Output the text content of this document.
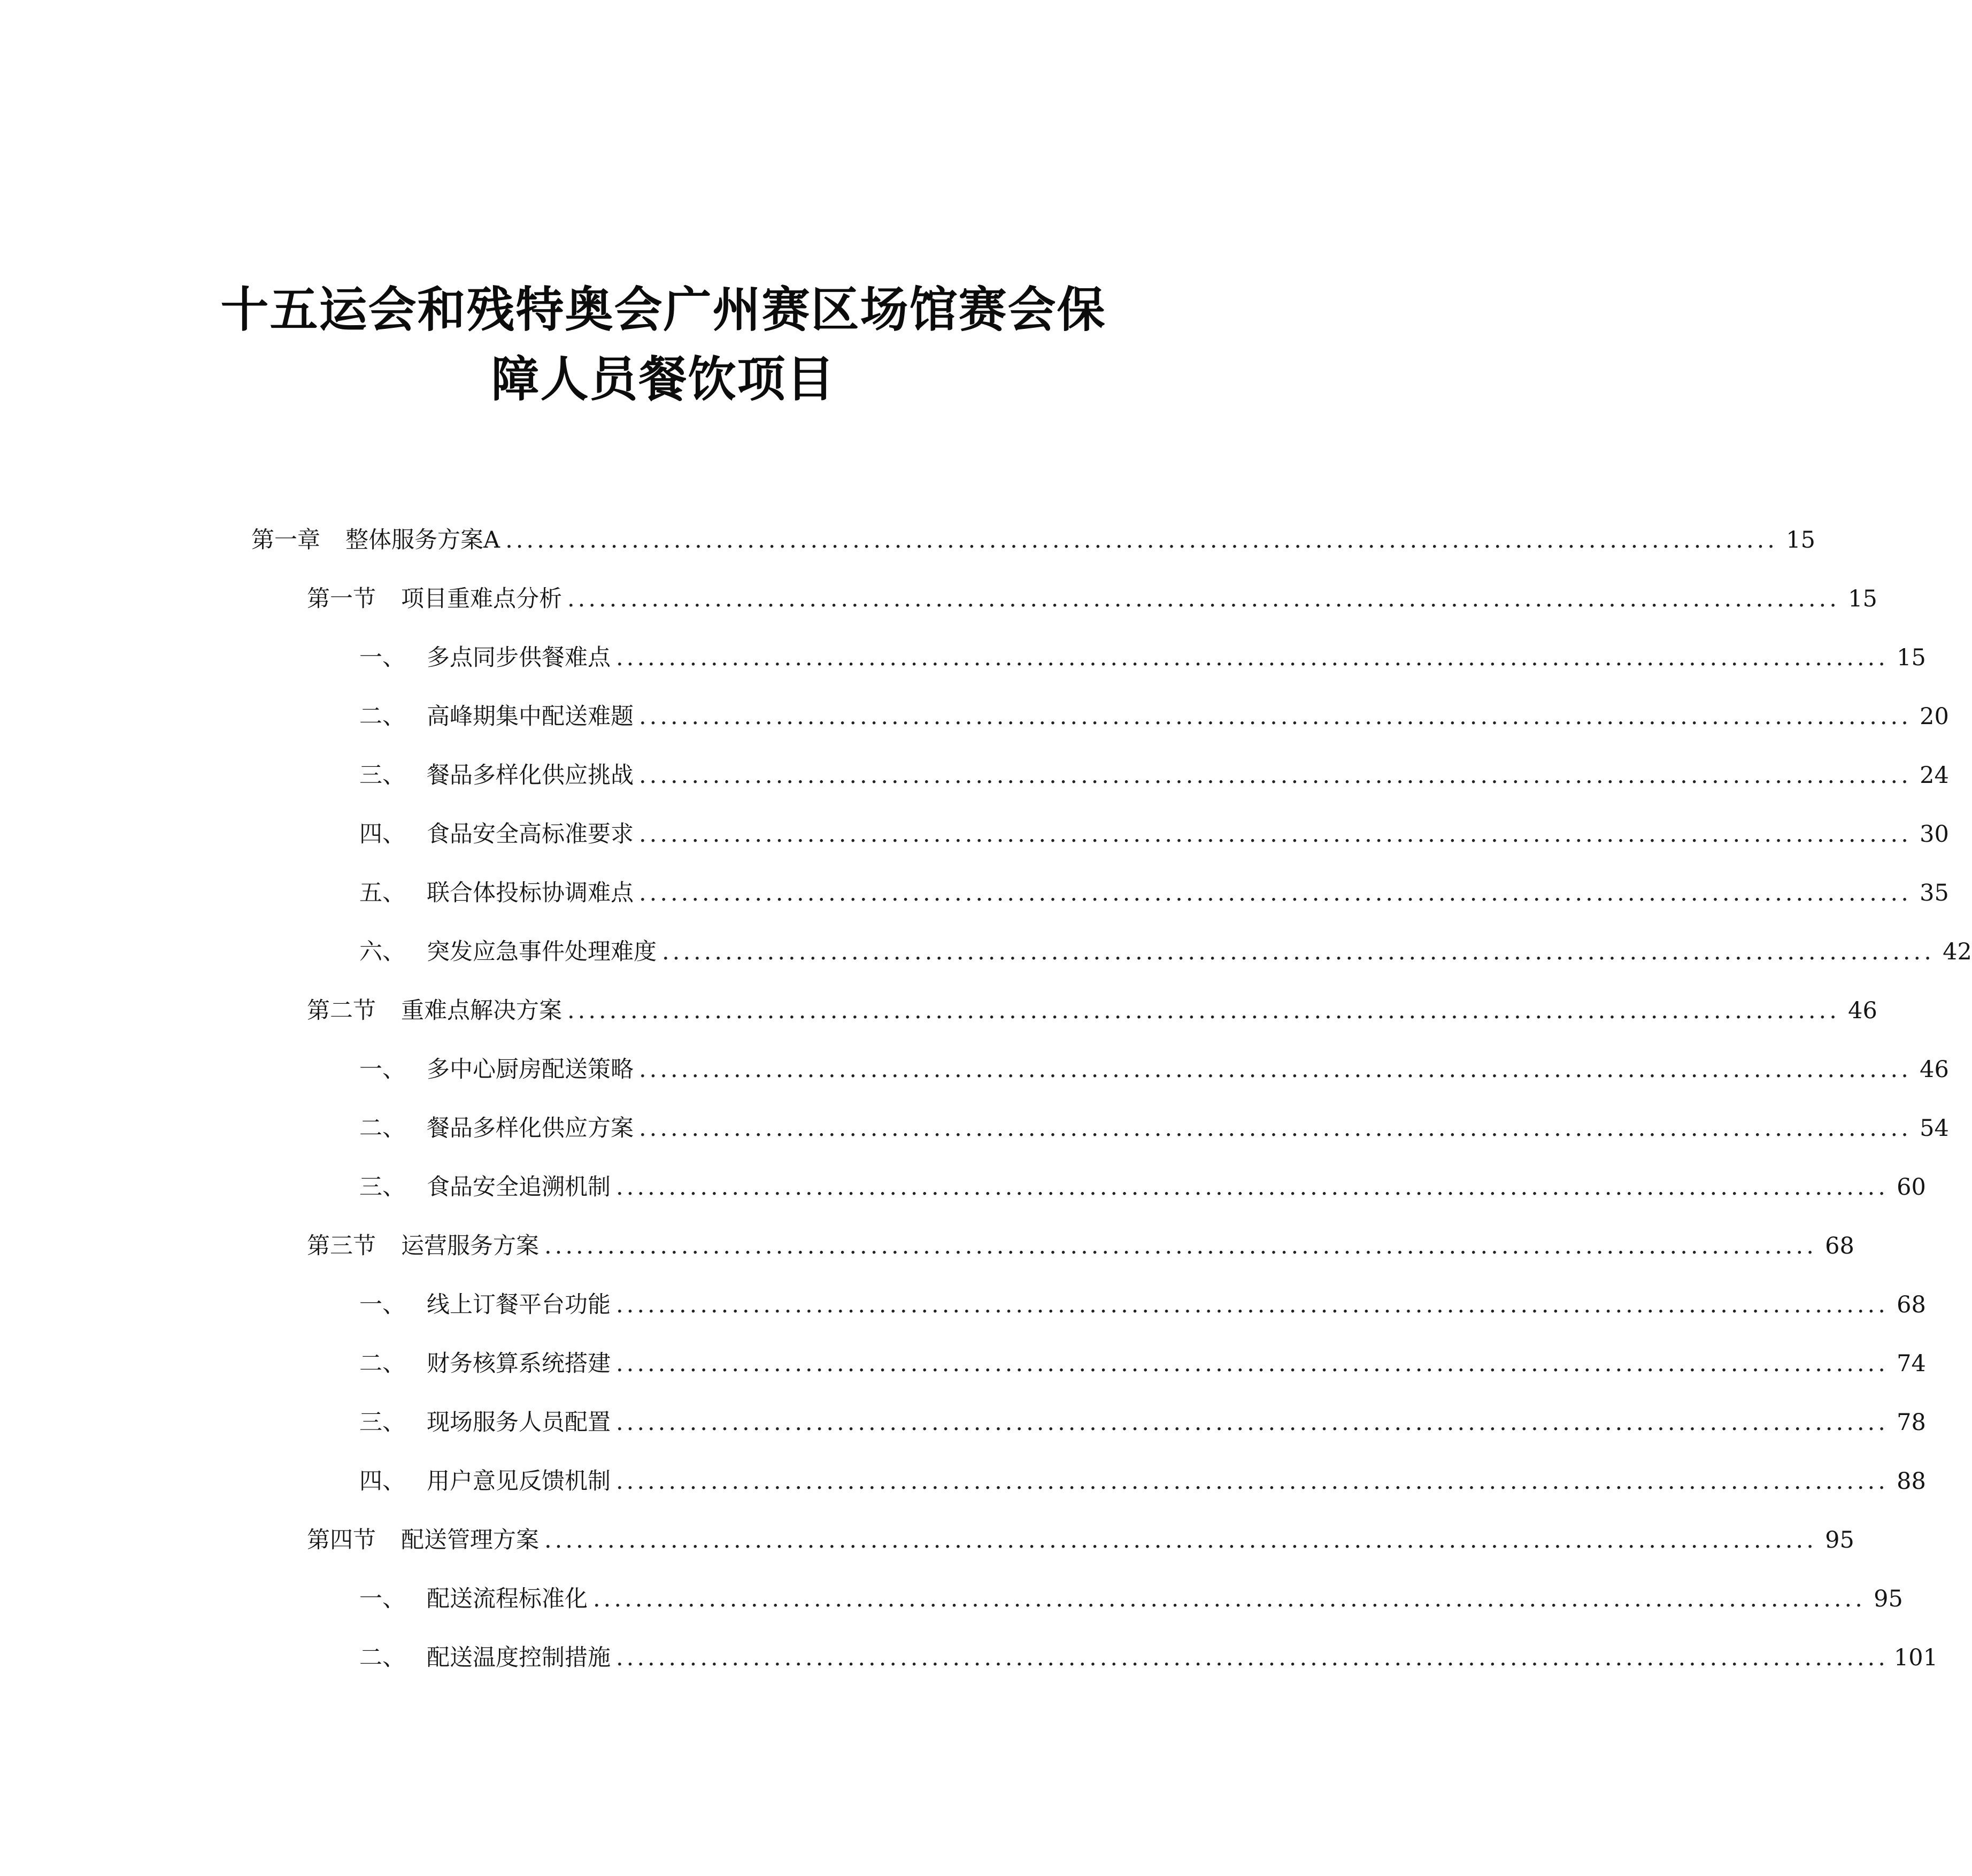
十五运会和残特奥会广州赛区场馆赛会保
障人员餐饮项目
第一章	整体服务方案A ......................................................................................................................... 15
第一节	项目重难点分析 ......................................................................................................................... 15
一、 多点同步供餐难点 ......................................................................................................................... 15
二、 高峰期集中配送难题 ......................................................................................................................... 20
三、 餐品多样化供应挑战 ......................................................................................................................... 24
四、 食品安全高标准要求 ......................................................................................................................... 30
五、 联合体投标协调难点 ......................................................................................................................... 35
六、 突发应急事件处理难度 ......................................................................................................................... 42
第二节	重难点解决方案 ......................................................................................................................... 46
一、 多中心厨房配送策略 ......................................................................................................................... 46
二、 餐品多样化供应方案 ......................................................................................................................... 54
三、 食品安全追溯机制 ......................................................................................................................... 60
第三节	运营服务方案 ......................................................................................................................... 68
一、 线上订餐平台功能 ......................................................................................................................... 68
二、 财务核算系统搭建 ......................................................................................................................... 74
三、 现场服务人员配置 ......................................................................................................................... 78
四、 用户意见反馈机制 ......................................................................................................................... 88
第四节	配送管理方案 ......................................................................................................................... 95
一、 配送流程标准化 ......................................................................................................................... 95
二、 配送温度控制措施 ......................................................................................................................... 101
